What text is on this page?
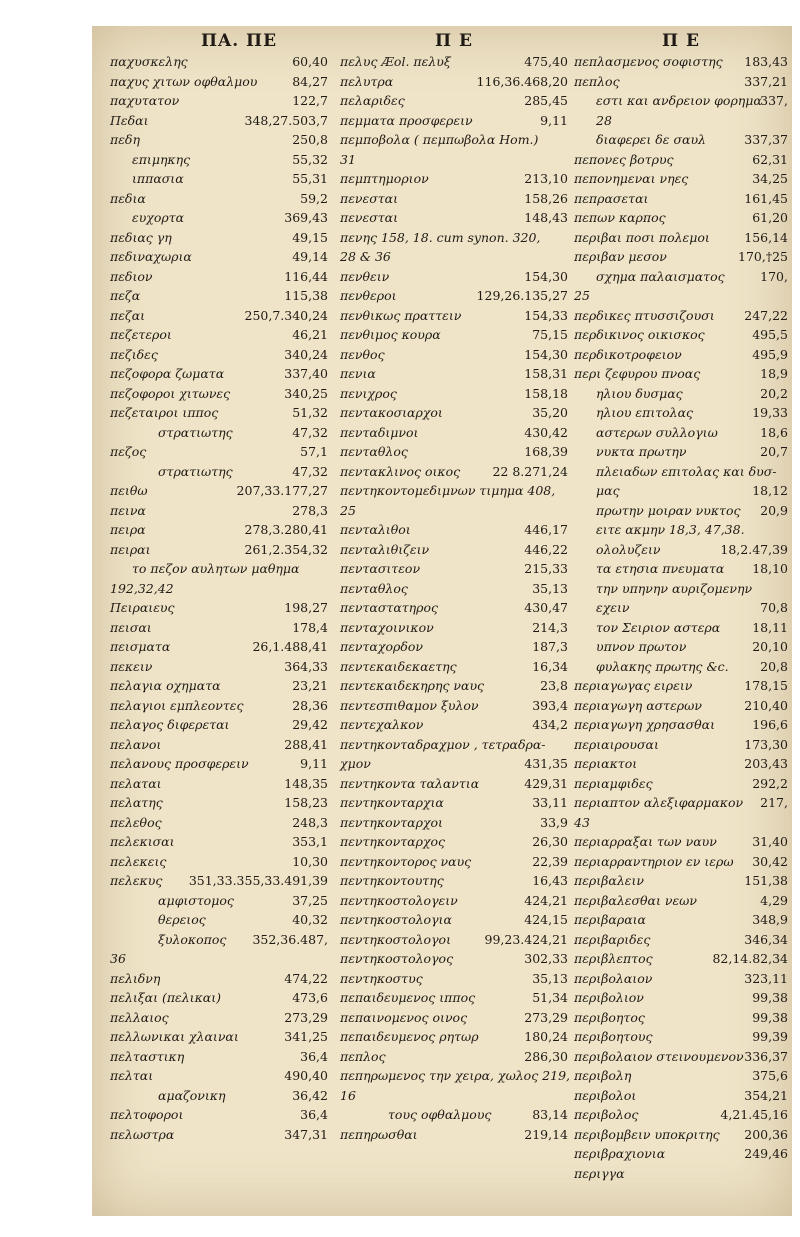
ΠΑ. ΠΕ
παχυσκελης	60,40
παχυς χιτων οφθαλμου	84,27
παχυτατον	122,7
Πεδαι	348,27.503,7
πεδη	250,8
επιμηκης	55,32
ιππασια	55,31
πεδια	59,2
ευχορτα	369,43
πεδιας γη	49,15
πεδιναχωρια	49,14
πεδιον	116,44
πεζα	115,38
πεζαι	250,7.340,24
πεζετεροι	46,21
πεζιδες	340,24
πεζοφορα ζωματα	337,40
πεζοφοροι χιτωνες	340,25
πεζεταιροι ιππος	51,32
στρατιωτης	47,32
πεζος	57,1
στρατιωτης	47,32
πειθω	207,33.177,27
πεινα	278,3
πειρα	278,3.280,41
πειραι	261,2.354,32
το πεζον αυλητων μαθημα
192,32,42
Πειραιευς	198,27
πεισαι	178,4
πεισματα	26,1.488,41
πεκειν	364,33
πελαγια οχηματα	23,21
πελαγιοι εμπλεοντες	28,36
πελαγος διφερεται	29,42
πελανοι	288,41
πελανους προσφερειν	9,11
πελαται	148,35
πελατης	158,23
πελεθος	248,3
πελεκισαι	353,1
πελεκεις	10,30
πελεκυς 351,33.355,33.491,39
αμφιστομος	37,25
θερειος	40,32
ξυλοκοπος 352,36.487,
36
πελιδνη	474,22
πελιξαι (πελικαι)	473,6
πελλαιος	273,29
πελλωνικαι χλαιναι	341,25
πελταστικη	36,4
πελται	490,40
αμαζονικη	36,42
πελτοφοροι	36,4
πελωστρα	347,31
Π Ε
πελυς Æol. πελυξ	475,40
πελυτρα	116,36.468,20
πελαριδες	285,45
πεμματα προσφερειν	9,11
πεμποβολα ( πεμπωβολα Hom.)
31
πεμπτημοριον	213,10
πενεσται	158,26
πενεσται	148,43
πενης 158, 18. cum synon. 320,
28 & 36
πενθειν	154,30
πενθεροι	129,26.135,27
πενθικως πραττειν	154,33
πενθιμος κουρα	75,15
πενθος	154,30
πενια	158,31
πενιχρος	158,18
πεντακοσιαρχοι	35,20
πενταδιμνοι	430,42
πενταθλος	168,39
πεντακλινος οικος	22 8.271,24
πεντηκοντομεδιμνων τιμημα 408,
25
πενταλιθοι	446,17
πενταλιθιζειν	446,22
πεντασιτεον	215,33
πενταθλος	35,13
πενταστατηρος	430,47
πενταχοινικον	214,3
πενταχορδον	187,3
πεντεκαιδεκαετης	16,34
πεντεκαιδεκηρης ναυς	23,8
πεντεσπιθαμον ξυλον	393,4
πεντεχαλκον	434,2
πεντηκονταδραχμον , τετραδρα-
χμον	431,35
πεντηκοντα ταλαντια	429,31
πεντηκονταρχια	33,11
πεντηκονταρχοι	33,9
πεντηκονταρχος	26,30
πεντηκοντορος ναυς	22,39
πεντηκοντουτης	16,43
πεντηκοστολογειν	424,21
πεντηκοστολογια	424,15
πεντηκοστολογοι	99,23.424,21
πεντηκοστολογος	302,33
πεντηκοστυς	35,13
πεπαιδευμενος ιππος	51,34
πεπαινομενος οινος	273,29
πεπαιδευμενος ρητωρ	180,24
πεπλος	286,30
πεπηρωμενος την χειρα, χωλος 219,
16
τους οφθαλμους	83,14
πεπηρωσθαι	219,14
Π Ε
πεπλασμενος σοφιστης 183,43
πεπλος	337,21
εστι και ανδρειον φορημα
337,
28
διαφερει δε σαυλ	337,37
πεπονες βοτρυς	62,31
πεπονημεναι νηες	34,25
πεπρασεται	161,45
πεπων καρπος	61,20
περιβαι ποσι πολεμοι	156,14
περιβαν μεσον	170,†25
σχημα παλαισματος	170,
25
περδικες πτυσσιζουσι 247,22
περδικινος οικισκος	495,5
περδικοτροφειον	495,9
περι ζεφυρου πνοας	18,9
ηλιου δυσμας	20,2
ηλιου επιτολας	19,33
αστερων συλλογιω	18,6
νυκτα πρωτην	20,7
πλειαδων επιτολας και δυσ-
μας	18,12
πρωτην μοιραν νυκτος 20,9
ειτε ακμην 18,3, 47,38.
ολολυζειν	18,2.47,39
τα ετησια πνευματα 18,10
την υπηνην αυριζομενην
εχειν	70,8
τον Σειριον αστερα	18,11
υπνον πρωτον	20,10
φυλακης πρωτης &c.	20,8
περιαγωγας ειρειν	178,15
περιαγωγη αστερων	210,40
περιαγωγη χρησασθαι	196,6
περιαιρουσαι	173,30
περιακτοι	203,43
περιαμφιδες	292,2
περιαπτον αλεξιφαρμακον 217,
43
περιαρραξαι των ναυν	31,40
περιαρραντηριον εν ιερω 30,42
περιβαλειν	151,38
περιβαλεσθαι νεων	4,29
περιβαραια	348,9
περιβαριδες	346,34
περιβλεπτος	82,14.82,34
περιβολαιον	323,11
περιβολιον	99,38
περιβοητος	99,38
περιβοητους	99,39
περιβολαιον στεινουμενον 336,37
περιβολη	375,6
περιβολοι	354,21
περιβολος	4,21.45,16
περιβομβειν υποκριτης 200,36
περιβραχιονια	249,46
περιγγα
